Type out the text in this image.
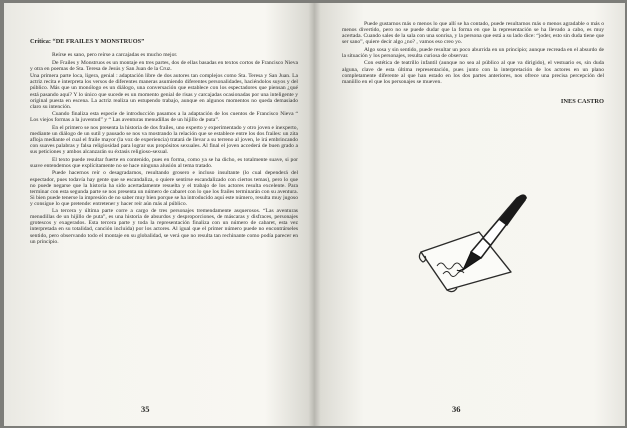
Crítica: “DE FRAILES Y MONSTRUOS”

Reírse es sano, pero reírse a carcajadas es mucho mejor.

De Frailes y Monstruos es un montaje en tres partes, dos de ellas basadas en textos cortos de Francisco Nieva y otra en poemas de Sta. Teresa de Jesús y San Juan de la Cruz.

Una primera parte loca, ligera, genial : adaptación libre de dos autores tan complejos como Sta. Teresa y San Juan. La actriz recita e interpreta los versos de diferentes maneras asumiendo diferentes personalidades, haciéndolos suyos y del público. Más que un monólogo es un diálogo, una conversación que establece con los espectadores que piensan ¿qué está pasando aquí? Y lo único que sucede es un momento genial de risas y carcajadas ocasionadas por una inteligente y original puesta en escena. La actriz realiza un estupendo trabajo, aunque en algunos momentos no queda demasiado claro su intención.

Cuando finaliza esta especie de introducción pasamos a la adaptación de los cuentos de Francisco Nieva “ Los viejos formas a la juventud” y “ Las aventuras menudillas de un hijillo de puta”.

En el primero se nos presenta la historia de dos frailes, uno experto y experimentado y otro joven e inexperto, mediante un diálogo de un sutil y pausado se nos va mostrando la relación que se establece entre los dos frailes: un zita afloja mediante el cual el fraile mayor (la voz de experiencia) tratará de llevar a su terreno al joven, le irá embrincando con suaves palabras y falsa religiosidad para lograr sus propósitos sexuales. Al final el joven accederá de buen grado a sus peticiones y ambos alcanzarán su éxtasis religioso-sexual.

El texto puede resultar fuerte en contenido, pues en forma, como ya se ha dicho, es totalmente suave, si por suave entendemos que explícitamente no se hace ninguna alusión al tema tratado.

Puede hacernos reír o desagradarnos, resultando grosero e incluso insultante (lo cual dependerá del espectador, pues todavía hay gente que se escandaliza, o quiere sentirse escandalizado con ciertos temas), pero lo que no puede negarse que la historia ha sido acertadamente resuelta y el trabajo de los actores resulta excelente. Para terminar con esta segunda parte se nos presenta un número de cabaret con lo que los frailes terminarán con su aventura. Si bien puede tenerse la impresión de no saber muy bien porque se ha introducido aquí este número, resulta muy jugoso y consigue lo que pretende: entretener y hacer reír aún más al público.

La tercera y última parte corre a cargo de tres personajes tremendamente asquerosos. “Las aventuras menudillas de un hijillo de puta”, es una historia de absurdos y desproporciones, de máscaras y disfraces, personajes grotescos y exagerados. Esta tercera parte y toda la representación finaliza con un número de cabaret, esta vez interpretada en su totalidad, canción incluida) por los actores. Al igual que el primer número puede no encontrárseles sentido, pero observando todo el montaje en su globalidad, se verá que no resulta tan rechinante como podía parecer en un principio.

35

Puede gustarnos más o menos lo que allí se ha contado, puede resultarnos más o menos agradable o más o menos divertido, pero no se puede dudar que la forma en que la representación se ha llevado a cabo, es muy acertada. Cuando sales de la sala con una sonrisa, y la persona que está a su lado dice: “joder, esto sin duda tiene que ser sano”, quiere decir algo ¿no? , vamos eso creo yo.

Algo sosa y sin sentido, puede resultar un poco aburrida en un principio; aunque recreada en el absurdo de la situación y los personajes, resulta curiosa de observar.

Con estética de teatrillo infantil (aunque no sea al público al que va dirigido), el vestuario es, sin duda alguna, clave de esta última representación, pues junto con la interpretación de los actores en un plano completamente diferente al que han estado en los dos partes anteriores, nos ofrece una precisa percepción del maniillo en el que los personajes se mueven.

INES CASTRO
36
